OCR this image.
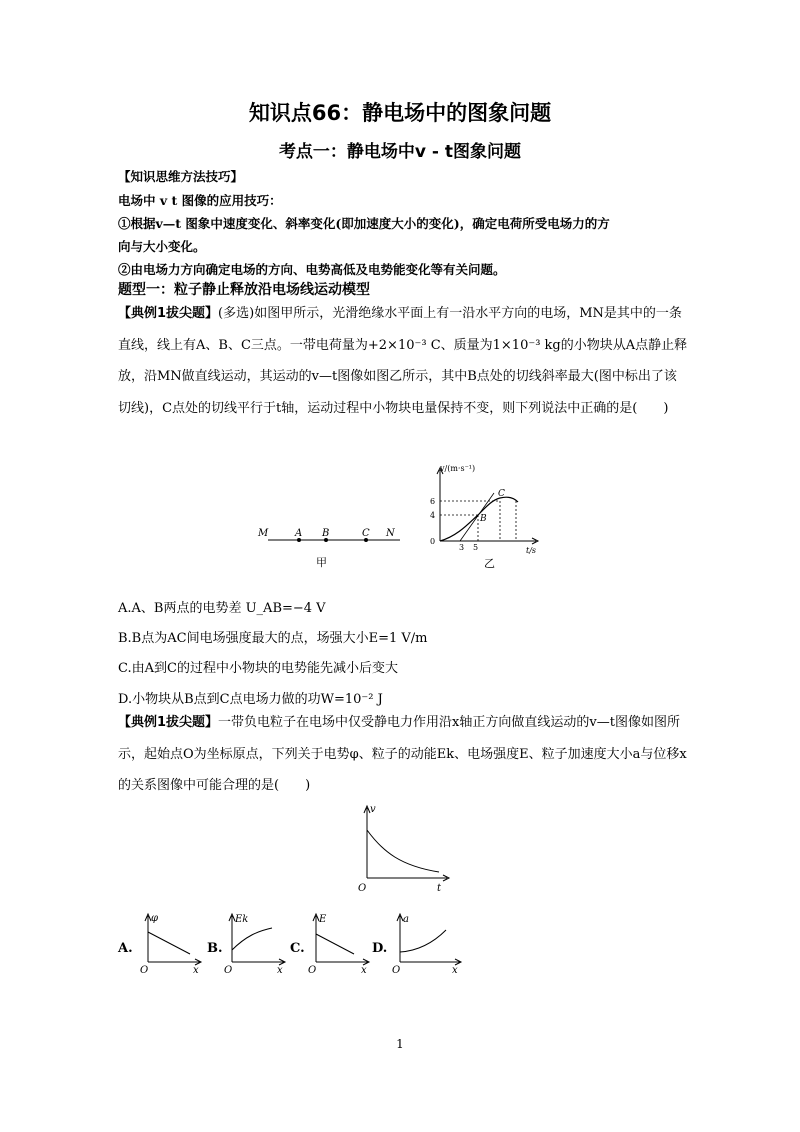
知识点66：静电场中的图象问题
考点一：静电场中v - t图象问题
【知识思维方法技巧】
电场中 v t 图像的应用技巧：
①根据v—t 图象中速度变化、斜率变化(即加速度大小的变化)，确定电荷所受电场力的方
向与大小变化。
②由电场力方向确定电场的方向、电势高低及电势能变化等有关问题。
题型一：粒子静止释放沿电场线运动模型
【典例1拔尖题】(多选)如图甲所示，光滑绝缘水平面上有一沿水平方向的电场，MN是其中的一条直线，线上有A、B、C三点。一带电荷量为+2×10⁻³ C、质量为1×10⁻³ kg的小物块从A点静止释放，沿MN做直线运动，其运动的v—t图像如图乙所示，其中B点处的切线斜率最大(图中标出了该切线)，C点处的切线平行于t轴，运动过程中小物块电量保持不变，则下列说法中正确的是(　　)
M	A B	C N
甲
v/(m·s⁻¹)
t/s
6
4
0
3 5
B
C
乙
A.A、B两点的电势差 U_AB=−4 V
B.B点为AC间电场强度最大的点，场强大小E=1 V/m
C.由A到C的过程中小物块的电势能先减小后变大
D.小物块从B点到C点电场力做的功W=10⁻² J
【典例1拔尖题】一带负电粒子在电场中仅受静电力作用沿x轴正方向做直线运动的v—t图像如图所示，起始点O为坐标原点，下列关于电势φ、粒子的动能Ek、电场强度E、粒子加速度大小a与位移x的关系图像中可能合理的是(　　)
v
t
O
A.
φ
x
O
B.
Ek
x
O
C.
E
x
O
D.
a
x
O
1
